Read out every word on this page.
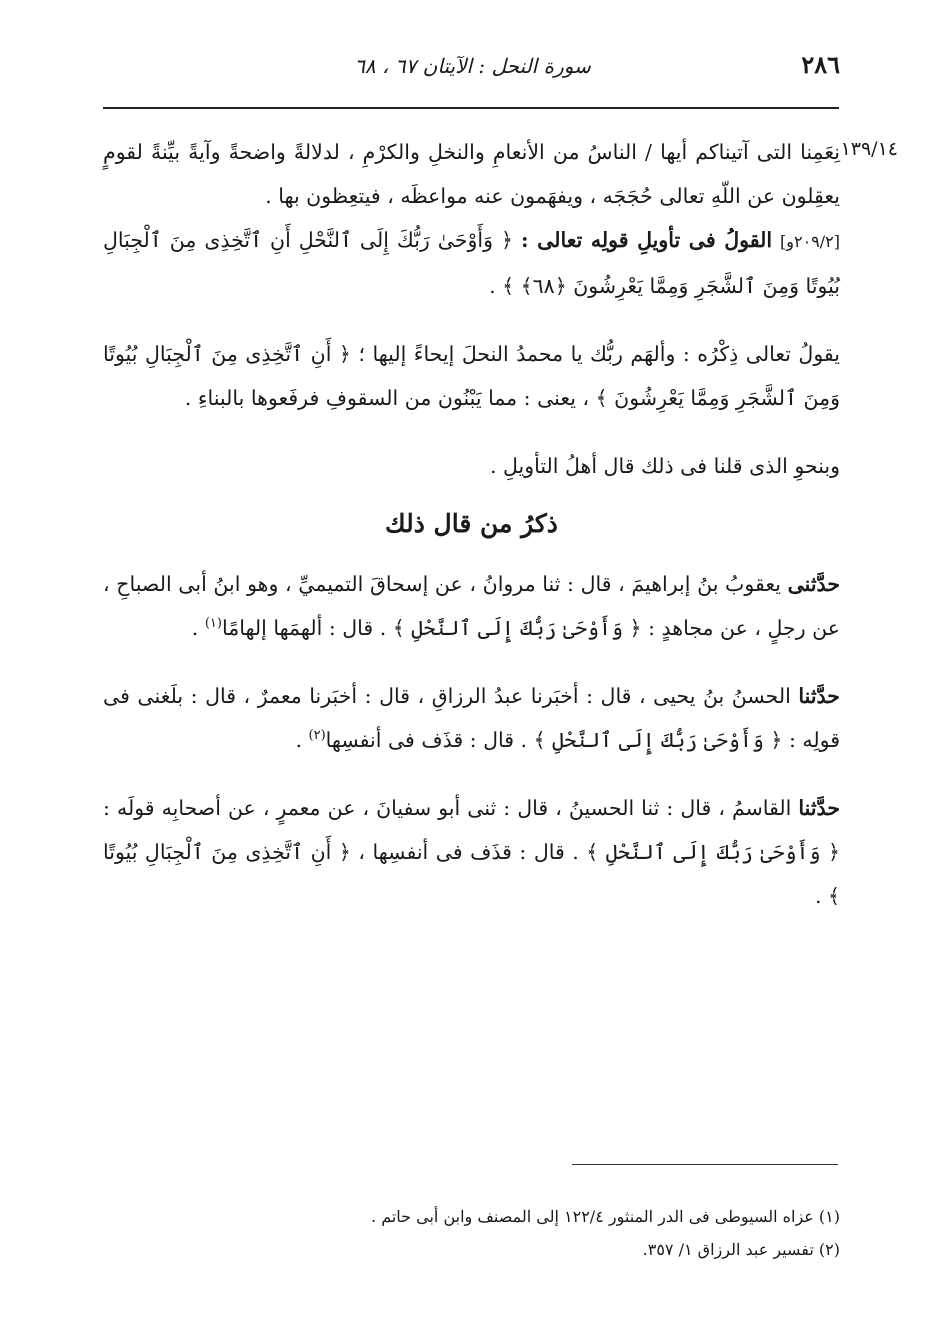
٢٨٦
سورة النحل : الآيتان ٦٧ ، ٦٨
١٣٩/١٤

نِعَمِنا التى آتيناكم أيها / الناسُ من الأنعامِ والنخلِ والكرْمِ ، لدلالةً واضحةً وآيةً بيِّنةً لقومٍ يعقِلون عن اللّهِ تعالى حُجَجَه ، ويفهَمون عنه مواعظَه ، فيتعِظون بها .

[٢٠٩/٢و] القولُ فى تأويلِ قولِه تعالى : ﴿ وَأَوْحَىٰ رَبُّكَ إِلَى ٱلنَّحْلِ أَنِ ٱتَّخِذِى مِنَ ٱلْجِبَالِ بُيُوتًا وَمِنَ ٱلشَّجَرِ وَمِمَّا يَعْرِشُونَ ﴿٦٨﴾ ﴾ .

يقولُ تعالى ذِكْرُه : وألهَم ربُّك يا محمدُ النحلَ إيحاءً إليها ؛ ﴿ أَنِ ٱتَّخِذِى مِنَ ٱلْجِبَالِ بُيُوتًا وَمِنَ ٱلشَّجَرِ وَمِمَّا يَعْرِشُونَ ﴾ ، يعنى : مما يَبْنُون من السقوفِ فرفَعوها بالبناءِ .

وبنحوِ الذى قلنا فى ذلك قال أهلُ التأويلِ .

ذكرُ من قال ذلك

حدَّثنى يعقوبُ بنُ إبراهيمَ ، قال : ثنا مروانُ ، عن إسحاقَ التميميِّ ، وهو ابنُ أبى الصباحِ ، عن رجلٍ ، عن مجاهدٍ : ﴿ وَأَوْحَىٰ رَبُّكَ إِلَى ٱلنَّحْلِ ﴾ . قال : ألهمَها إلهامًا$^{(١)}$ .

حدَّثنا الحسنُ بنُ يحيى ، قال : أخبَرنا عبدُ الرزاقِ ، قال : أخبَرنا معمرٌ ، قال : بلَغنى فى قولِه : ﴿ وَأَوْحَىٰ رَبُّكَ إِلَى ٱلنَّحْلِ ﴾ . قال : قذَف فى أنفسِها$^{(٢)}$ .

حدَّثنا القاسمُ ، قال : ثنا الحسينُ ، قال : ثنى أبو سفيانَ ، عن معمرٍ ، عن أصحابِه قولَه : ﴿ وَأَوْحَىٰ رَبُّكَ إِلَى ٱلنَّحْلِ ﴾ . قال : قذَف فى أنفسِها ، ﴿ أَنِ ٱتَّخِذِى مِنَ ٱلْجِبَالِ بُيُوتًا ﴾ .

(١) عزاه السيوطى فى الدر المنثور ١٢٢/٤ إلى المصنف وابن أبى حاتم .

(٢) تفسير عبد الرزاق ١/ ٣٥٧.
